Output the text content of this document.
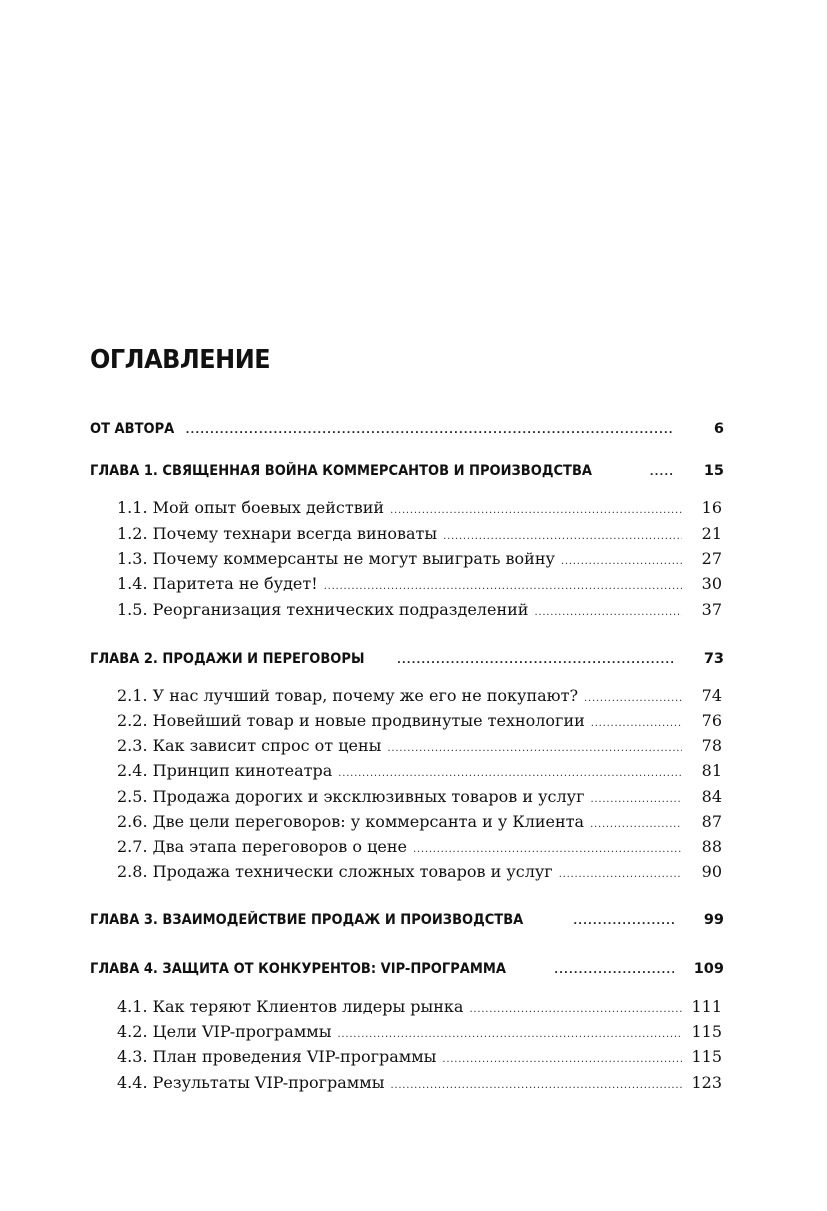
ОГЛАВЛЕНИЕ
ОТ АВТОРА . . .	6
ГЛАВА 1. СВЯЩЕННАЯ ВОЙНА КОММЕРСАНТОВ И ПРОИЗВОДСТВА . . .	15
1.1. Мой опыт боевых действий . . .	16
1.2. Почему технари всегда виноваты . . .	21
1.3. Почему коммерсанты не могут выиграть войну . . .	27
1.4. Паритета не будет! . . .	30
1.5. Реорганизация технических подразделений . . .	37
ГЛАВА 2. ПРОДАЖИ И ПЕРЕГОВОРЫ . . .	73
2.1. У нас лучший товар, почему же его не покупают? . . .	74
2.2. Новейший товар и новые продвинутые технологии . . .	76
2.3. Как зависит спрос от цены . . .	78
2.4. Принцип кинотеатра . . .	81
2.5. Продажа дорогих и эксклюзивных товаров и услуг . . .	84
2.6. Две цели переговоров: у коммерсанта и у Клиента . . .	87
2.7. Два этапа переговоров о цене . . .	88
2.8. Продажа технически сложных товаров и услуг . . .	90
ГЛАВА 3. ВЗАИМОДЕЙСТВИЕ ПРОДАЖ И ПРОИЗВОДСТВА . . .	99
ГЛАВА 4. ЗАЩИТА ОТ КОНКУРЕНТОВ: VIP-ПРОГРАММА . . .	109
4.1. Как теряют Клиентов лидеры рынка . . .	111
4.2. Цели VIP-программы . . .	115
4.3. План проведения VIP-программы . . .	115
4.4. Результаты VIP-программы . . .	123
